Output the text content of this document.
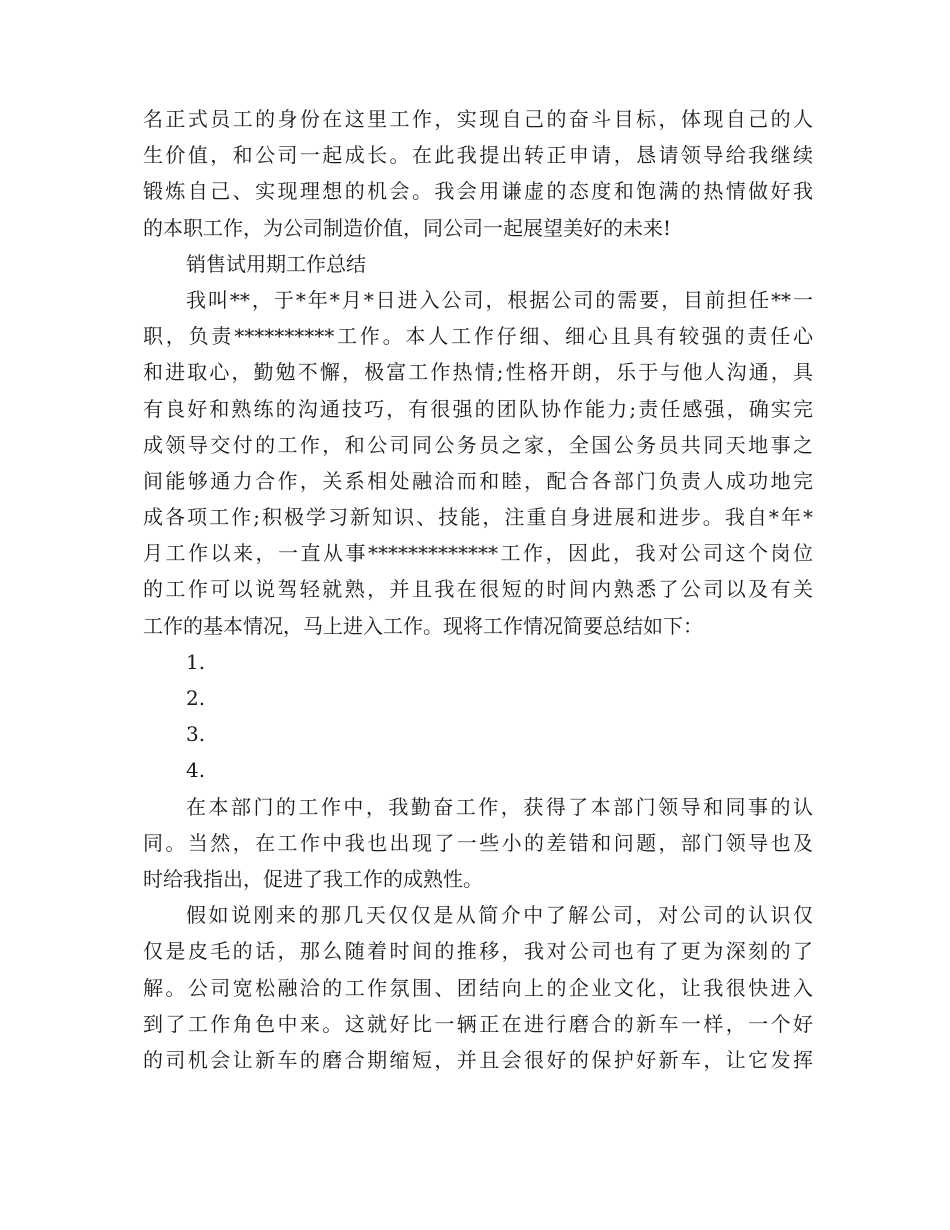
名正式员工的身份在这里工作，实现自己的奋斗目标，体现自己的人
生价值，和公司一起成长。在此我提出转正申请，恳请领导给我继续
锻炼自己、实现理想的机会。我会用谦虚的态度和饱满的热情做好我
的本职工作，为公司制造价值，同公司一起展望美好的未来!
销售试用期工作总结
我叫**，于*年*月*日进入公司，根据公司的需要，目前担任**一
职，负责**********工作。本人工作仔细、细心且具有较强的责任心
和进取心，勤勉不懈，极富工作热情;性格开朗，乐于与他人沟通，具
有良好和熟练的沟通技巧，有很强的团队协作能力;责任感强，确实完
成领导交付的工作，和公司同公务员之家，全国公务员共同天地事之
间能够通力合作，关系相处融洽而和睦，配合各部门负责人成功地完
成各项工作;积极学习新知识、技能，注重自身进展和进步。我自*年*
月工作以来，一直从事*************工作，因此，我对公司这个岗位
的工作可以说驾轻就熟，并且我在很短的时间内熟悉了公司以及有关
工作的基本情况，马上进入工作。现将工作情况简要总结如下：
1.
2.
3.
4.
在本部门的工作中，我勤奋工作，获得了本部门领导和同事的认
同。当然，在工作中我也出现了一些小的差错和问题，部门领导也及
时给我指出，促进了我工作的成熟性。
假如说刚来的那几天仅仅是从简介中了解公司，对公司的认识仅
仅是皮毛的话，那么随着时间的推移，我对公司也有了更为深刻的了
解。公司宽松融洽的工作氛围、团结向上的企业文化，让我很快进入
到了工作角色中来。这就好比一辆正在进行磨合的新车一样，一个好
的司机会让新车的磨合期缩短，并且会很好的保护好新车，让它发挥
